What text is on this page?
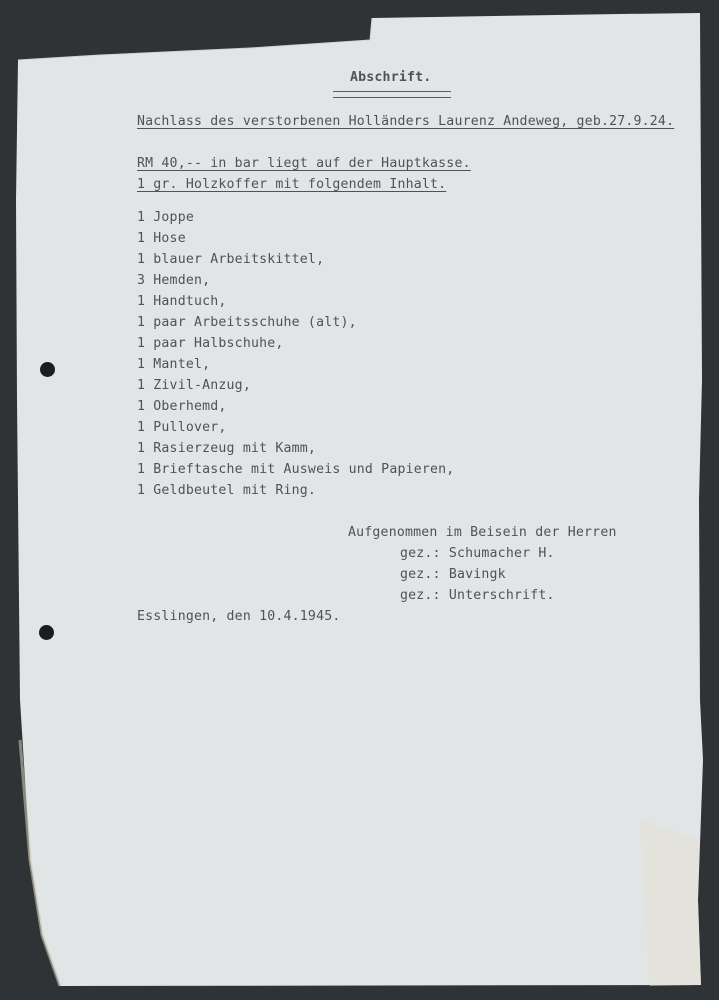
Abschrift.
Nachlass des verstorbenen Holländers Laurenz Andeweg, geb.27.9.24.
RM 40,-- in bar liegt auf der Hauptkasse.
1 gr. Holzkoffer mit folgendem Inhalt.
1 Joppe
1 Hose
1 blauer Arbeitskittel,
3 Hemden,
1 Handtuch,
1 paar Arbeitsschuhe (alt),
1 paar Halbschuhe,
1 Mantel,
1 Zivil-Anzug,
1 Oberhemd,
1 Pullover,
1 Rasierzeug mit Kamm,
1 Brieftasche mit Ausweis und Papieren,
1 Geldbeutel mit Ring.
Aufgenommen im Beisein der Herren
gez.: Schumacher H.
gez.: Bavingk
gez.: Unterschrift.
Esslingen, den 10.4.1945.
